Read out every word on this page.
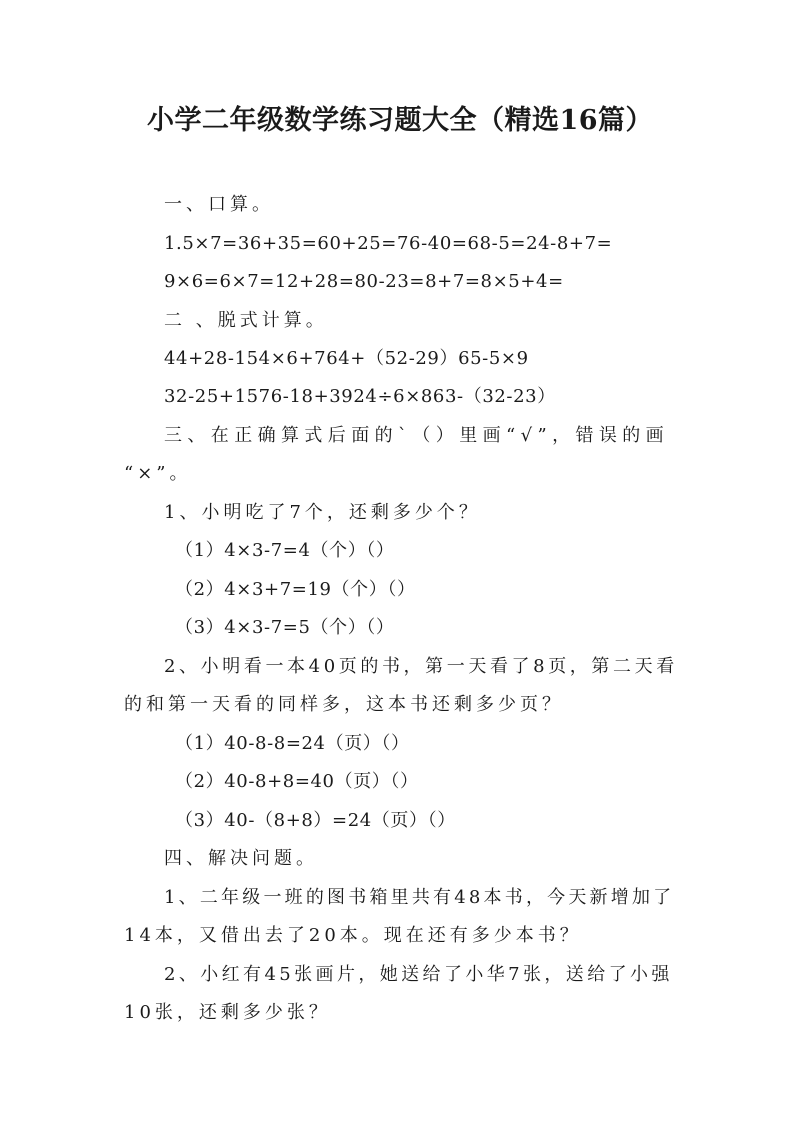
小学二年级数学练习题大全（精选16篇）
一、口算。
1.5×7=36+35=60+25=76-40=68-5=24-8+7=
9×6=6×7=12+28=80-23=8+7=8×5+4=
二 、脱式计算。
44+28-154×6+764+（52-29）65-5×9
32-25+1576-18+3924÷6×863-（32-23）
三、在正确算式后面的`（）里画“√”，错误的画
“×”。
1、小明吃了7个，还剩多少个？
（1）4×3-7=4（个）（）
（2）4×3+7=19（个）（）
（3）4×3-7=5（个）（）
2、小明看一本40页的书，第一天看了8页，第二天看
的和第一天看的同样多，这本书还剩多少页？
（1）40-8-8=24（页）（）
（2）40-8+8=40（页）（）
（3）40-（8+8）=24（页）（）
四、解决问题。
1、二年级一班的图书箱里共有48本书，今天新增加了
14本，又借出去了20本。现在还有多少本书？
2、小红有45张画片，她送给了小华7张，送给了小强
10张，还剩多少张？
